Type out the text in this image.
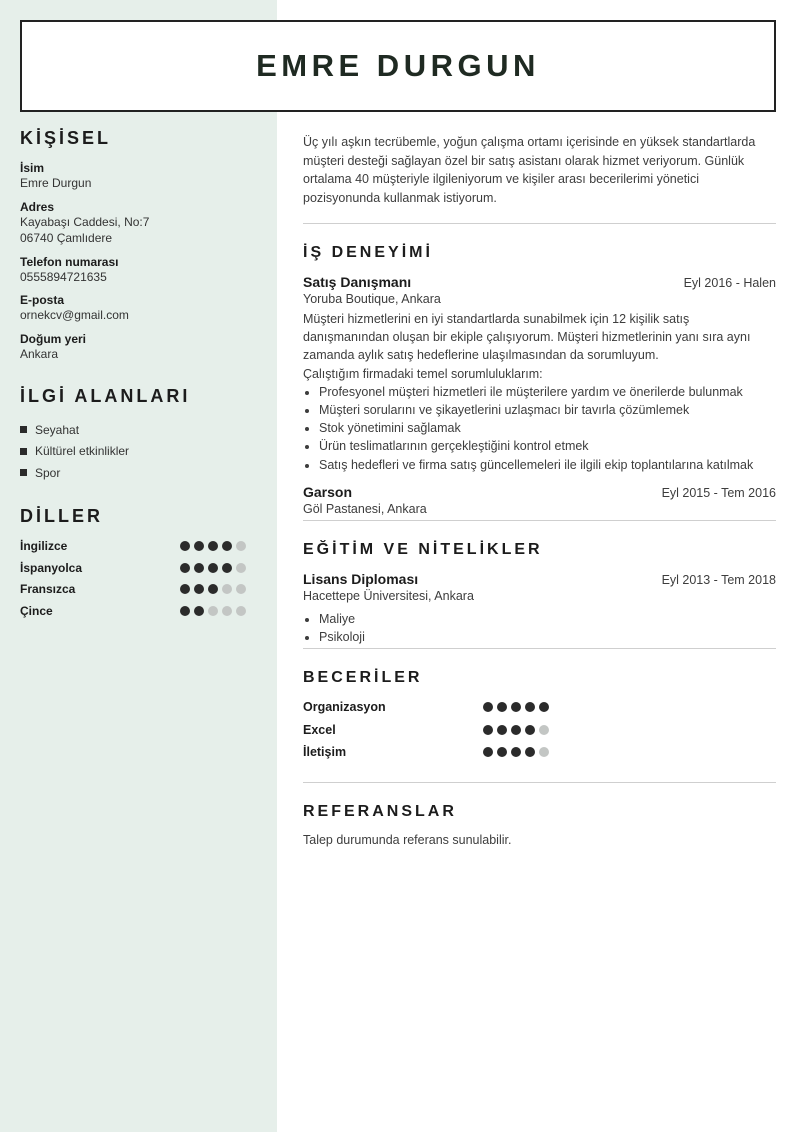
EMRE DURGUN
KİŞİSEL
İsim
Emre Durgun
Adres
Kayabaşı Caddesi, No:7
06740 Çamlıdere
Telefon numarası
0555894721635
E-posta
ornekcv@gmail.com
Doğum yeri
Ankara
İLGİ ALANLARI
Seyahat
Kültürel etkinlikler
Spor
DİLLER
İngilizce
İspanyolca
Fransızca
Çince

Üç yılı aşkın tecrübemle, yoğun çalışma ortamı içerisinde en yüksek standartlarda müşteri desteği sağlayan özel bir satış asistanı olarak hizmet veriyorum. Günlük ortalama 40 müşteriyle ilgileniyorum ve kişiler arası becerilerimi yönetici pozisyonunda kullanmak istiyorum.

İŞ DENEYİMİ
Satış Danışmanı	Eyl 2016 - Halen
Yoruba Boutique, Ankara
Müşteri hizmetlerini en iyi standartlarda sunabilmek için 12 kişilik satış danışmanından oluşan bir ekiple çalışıyorum. Müşteri hizmetlerinin yanı sıra aynı zamanda aylık satış hedeflerine ulaşılmasından da sorumluyum.
Çalıştığım firmadaki temel sorumluluklarım:
• Profesyonel müşteri hizmetleri ile müşterilere yardım ve önerilerde bulunmak
• Müşteri sorularını ve şikayetlerini uzlaşmacı bir tavırla çözümlemek
• Stok yönetimini sağlamak
• Ürün teslimatlarının gerçekleştiğini kontrol etmek
• Satış hedefleri ve firma satış güncellemeleri ile ilgili ekip toplantılarına katılmak
Garson	Eyl 2015 - Tem 2016
Göl Pastanesi, Ankara
EĞİTİM VE NİTELİKLER
Lisans Diploması	Eyl 2013 - Tem 2018
Hacettepe Üniversitesi, Ankara
• Maliye
• Psikoloji
BECERİLER
Organizasyon
Excel
İletişim
REFERANSLAR
Talep durumunda referans sunulabilir.
